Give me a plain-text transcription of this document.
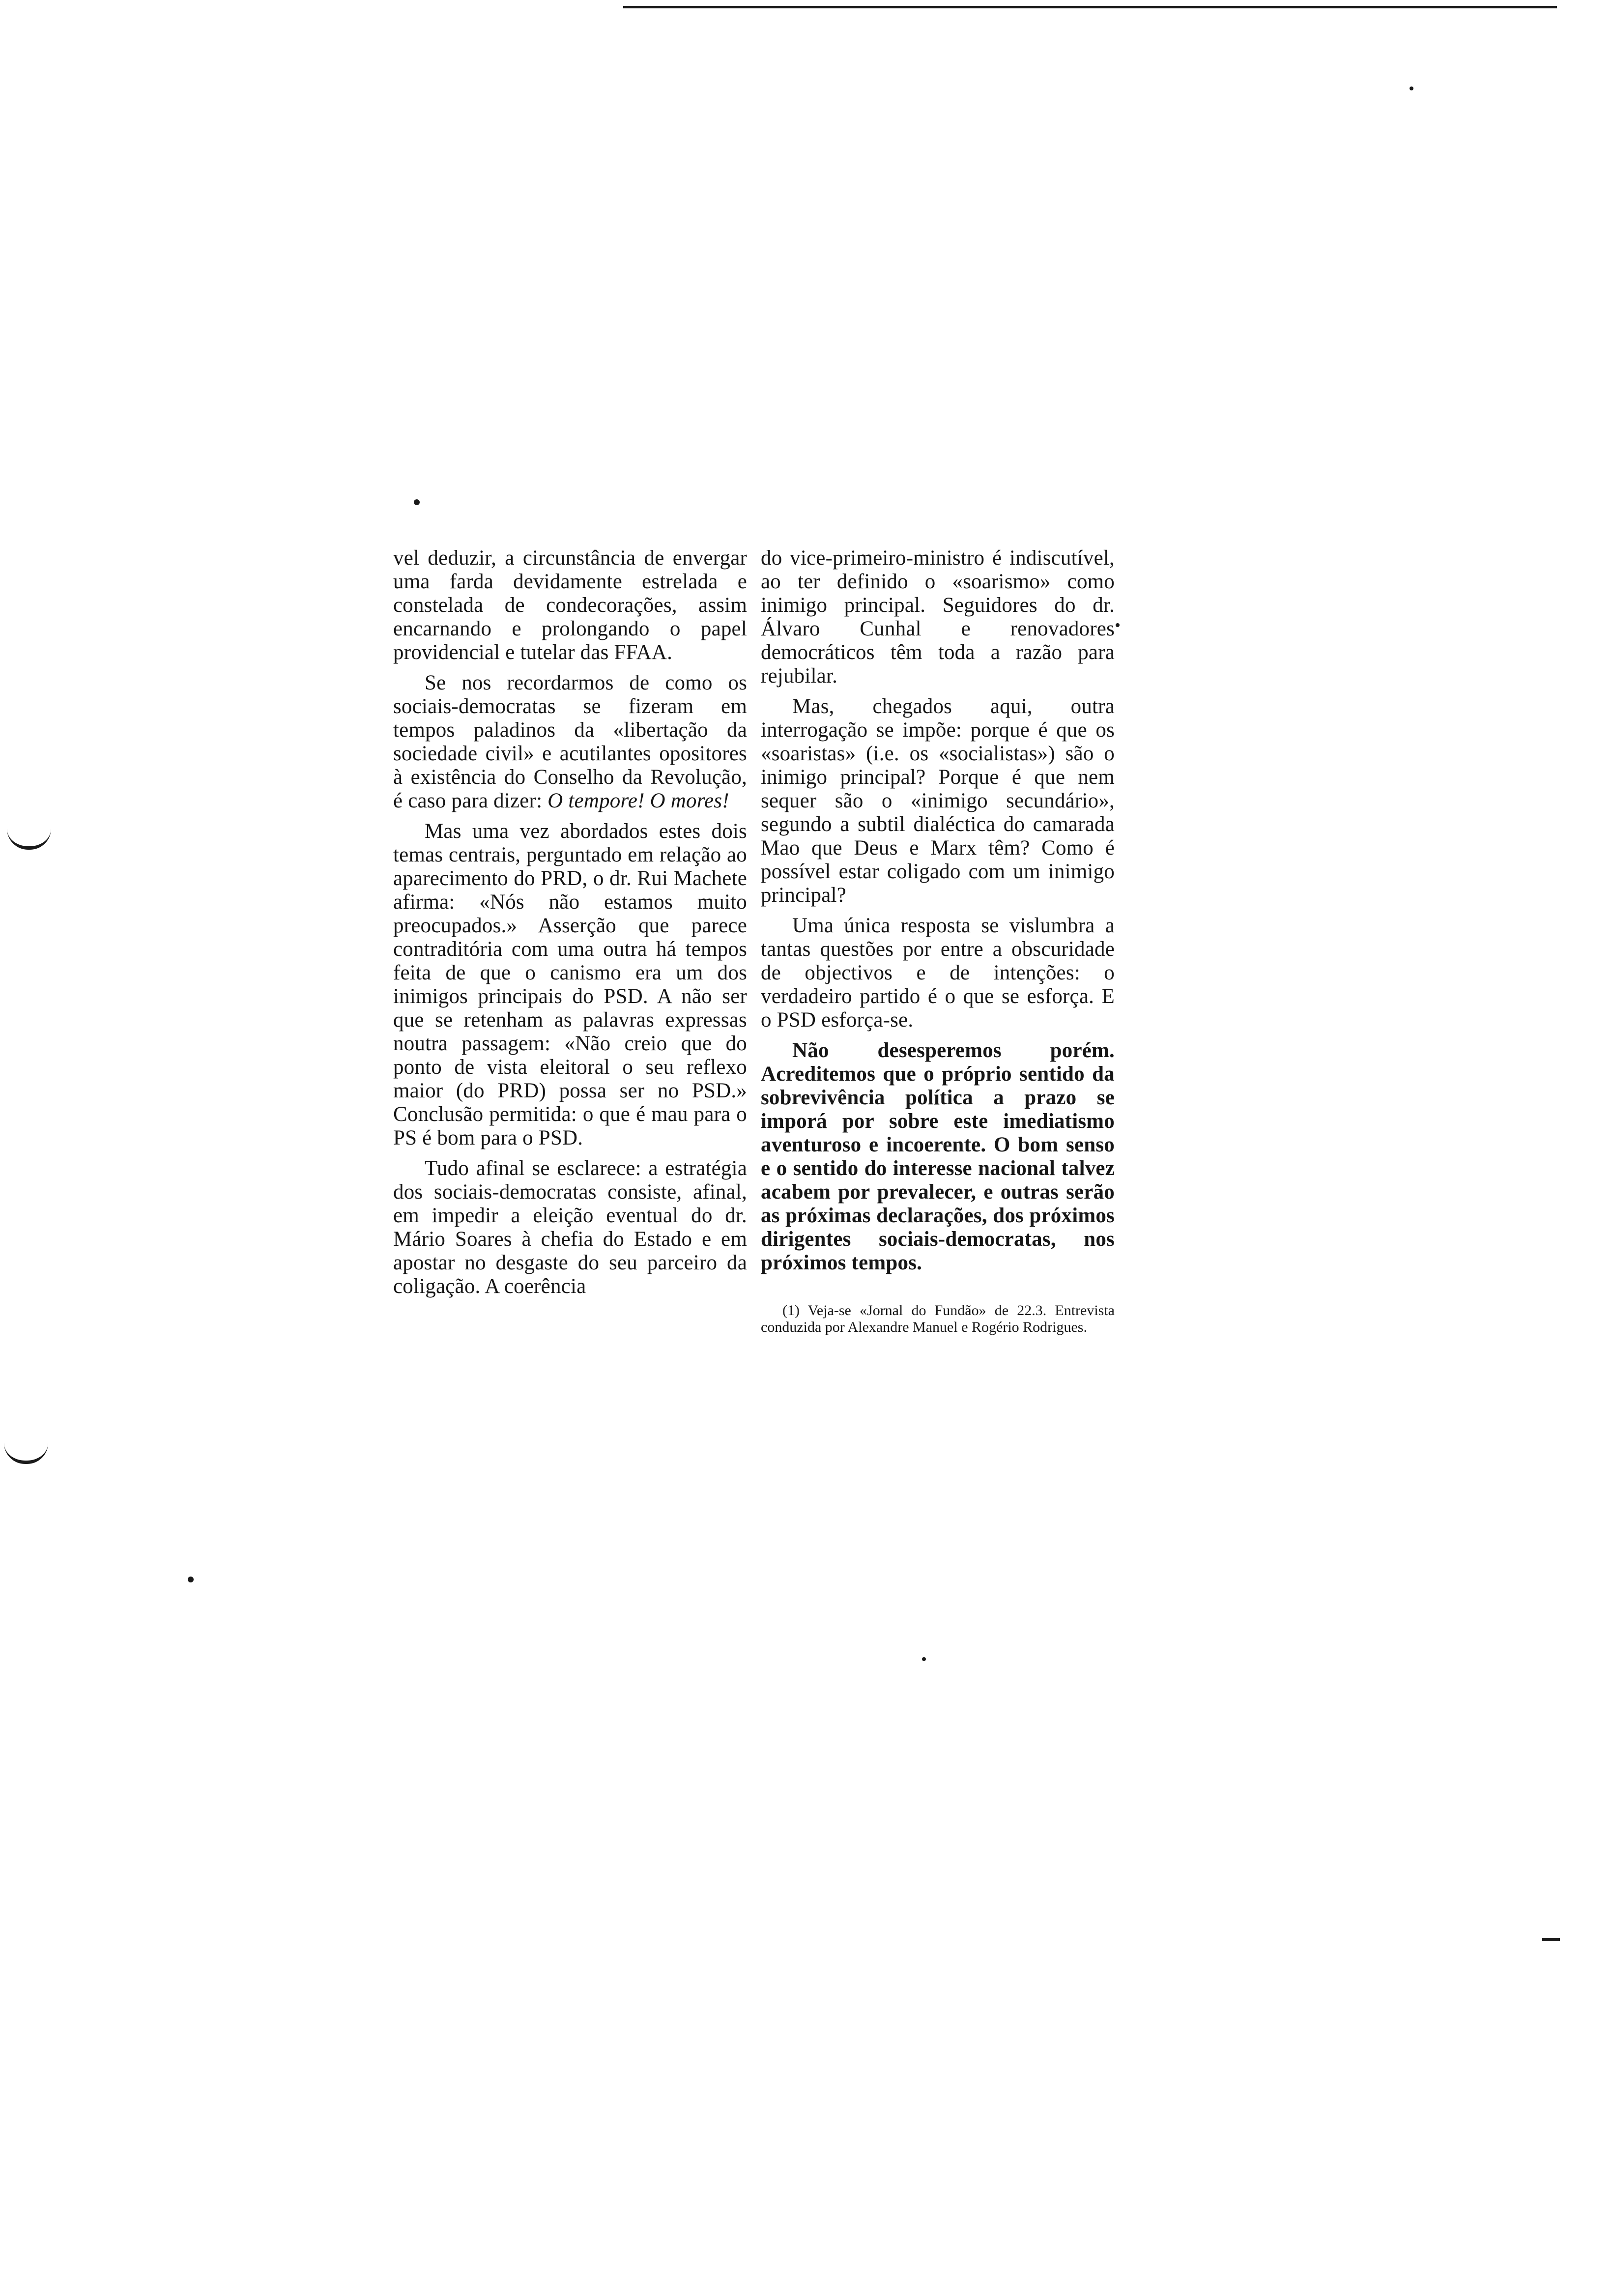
vel deduzir, a circunstância de envergar uma farda devidamente estrelada e constelada de condecorações, assim encarnando e prolongando o papel providencial e tutelar das FFAA.

Se nos recordarmos de como os sociais-democratas se fizeram em tempos paladinos da «libertação da sociedade civil» e acutilantes opositores à existência do Conselho da Revolução, é caso para dizer: O tempore! O mores!

Mas uma vez abordados estes dois temas centrais, perguntado em relação ao aparecimento do PRD, o dr. Rui Machete afirma: «Nós não estamos muito preocupados.» Asserção que parece contraditória com uma outra há tempos feita de que o canismo era um dos inimigos principais do PSD. A não ser que se retenham as palavras expressas noutra passagem: «Não creio que do ponto de vista eleitoral o seu reflexo maior (do PRD) possa ser no PSD.» Conclusão permitida: o que é mau para o PS é bom para o PSD.

Tudo afinal se esclarece: a estratégia dos sociais-democratas consiste, afinal, em impedir a eleição eventual do dr. Mário Soares à chefia do Estado e em apostar no desgaste do seu parceiro da coligação. A coerência

do vice-primeiro-ministro é indiscutível, ao ter definido o «soarismo» como inimigo principal. Seguidores do dr. Álvaro Cunhal e renovadores democráticos têm toda a razão para rejubilar.

Mas, chegados aqui, outra interrogação se impõe: porque é que os «soaristas» (i.e. os «socialistas») são o inimigo principal? Porque é que nem sequer são o «inimigo secundário», segundo a subtil dialéctica do camarada Mao que Deus e Marx têm? Como é possível estar coligado com um inimigo principal?

Uma única resposta se vislumbra a tantas questões por entre a obscuridade de objectivos e de intenções: o verdadeiro partido é o que se esforça. E o PSD esforça-se.

Não desesperemos porém. Acreditemos que o próprio sentido da sobrevivência política a prazo se imporá por sobre este imediatismo aventuroso e incoerente. O bom senso e o sentido do interesse nacional talvez acabem por prevalecer, e outras serão as próximas declarações, dos próximos dirigentes sociais-democratas, nos próximos tempos.

(1) Veja-se «Jornal do Fundão» de 22.3. Entrevista conduzida por Alexandre Manuel e Rogério Rodrigues.
